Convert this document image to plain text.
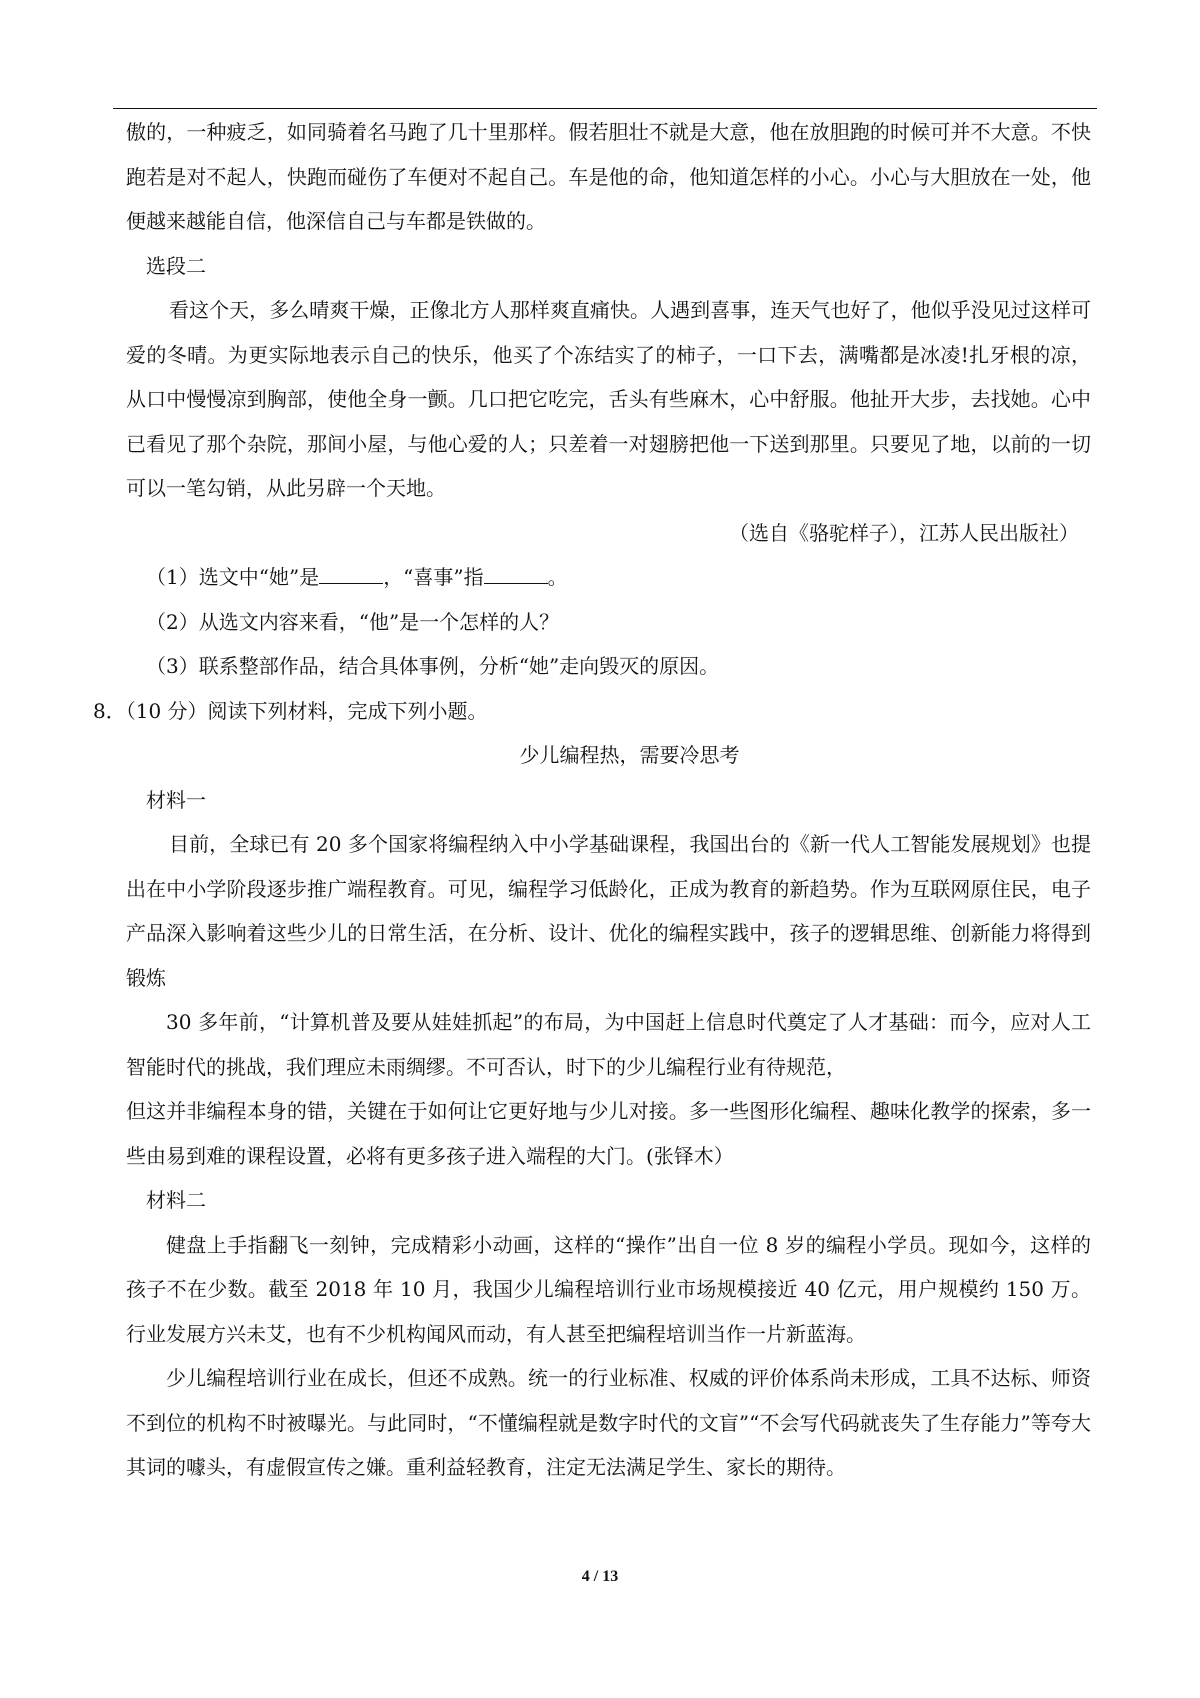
傲的，一种疲乏，如同骑着名马跑了几十里那样。假若胆壮不就是大意，他在放胆跑的时候可并不大意。不快跑若是对不起人，快跑而碰伤了车便对不起自己。车是他的命，他知道怎样的小心。小心与大胆放在一处，他便越来越能自信，他深信自己与车都是铁做的。

选段二

看这个天，多么晴爽干燥，正像北方人那样爽直痛快。人遇到喜事，连天气也好了，他似乎没见过这样可爱的冬晴。为更实际地表示自己的快乐，他买了个冻结实了的柿子，一口下去，满嘴都是冰凌!扎牙根的凉，从口中慢慢凉到胸部，使他全身一颤。几口把它吃完，舌头有些麻木，心中舒服。他扯开大步，去找她。心中已看见了那个杂院，那间小屋，与他心爱的人；只差着一对翅膀把他一下送到那里。只要见了地，以前的一切可以一笔勾销，从此另辟一个天地。

（选自《骆驼样子），江苏人民出版社）

（1）选文中“她”是	，“喜事”指	。

（2）从选文内容来看，“他”是一个怎样的人？

（3）联系整部作品，结合具体事例，分析“她”走向毁灭的原因。

8．（10 分）阅读下列材料，完成下列小题。

少儿编程热，需要冷思考

材料一

目前，全球已有 20 多个国家将编程纳入中小学基础课程，我国出台的《新一代人工智能发展规划》也提出在中小学阶段逐步推广端程教育。可见，编程学习低龄化，正成为教育的新趋势。作为互联网原住民，电子产品深入影响着这些少儿的日常生活，在分析、设计、优化的编程实践中，孩子的逻辑思维、创新能力将得到锻炼

30 多年前，“计算机普及要从娃娃抓起”的布局，为中国赶上信息时代奠定了人才基础：而今，应对人工智能时代的挑战，我们理应未雨绸缪。不可否认，时下的少儿编程行业有待规范，

但这并非编程本身的错，关键在于如何让它更好地与少儿对接。多一些图形化编程、趣味化教学的探索，多一些由易到难的课程设置，必将有更多孩子进入端程的大门。(张铎木）

材料二

健盘上手指翻飞一刻钟，完成精彩小动画，这样的“操作”出自一位 8 岁的编程小学员。现如今，这样的孩子不在少数。截至 2018 年 10 月，我国少儿编程培训行业市场规模接近 40 亿元，用户规模约 150 万。行业发展方兴未艾，也有不少机构闻风而动，有人甚至把编程培训当作一片新蓝海。

少儿编程培训行业在成长，但还不成熟。统一的行业标准、权威的评价体系尚未形成，工具不达标、师资不到位的机构不时被曝光。与此同时，“不懂编程就是数字时代的文盲”“不会写代码就丧失了生存能力”等夸大其词的噱头，有虚假宣传之嫌。重利益轻教育，注定无法满足学生、家长的期待。

4 / 13
